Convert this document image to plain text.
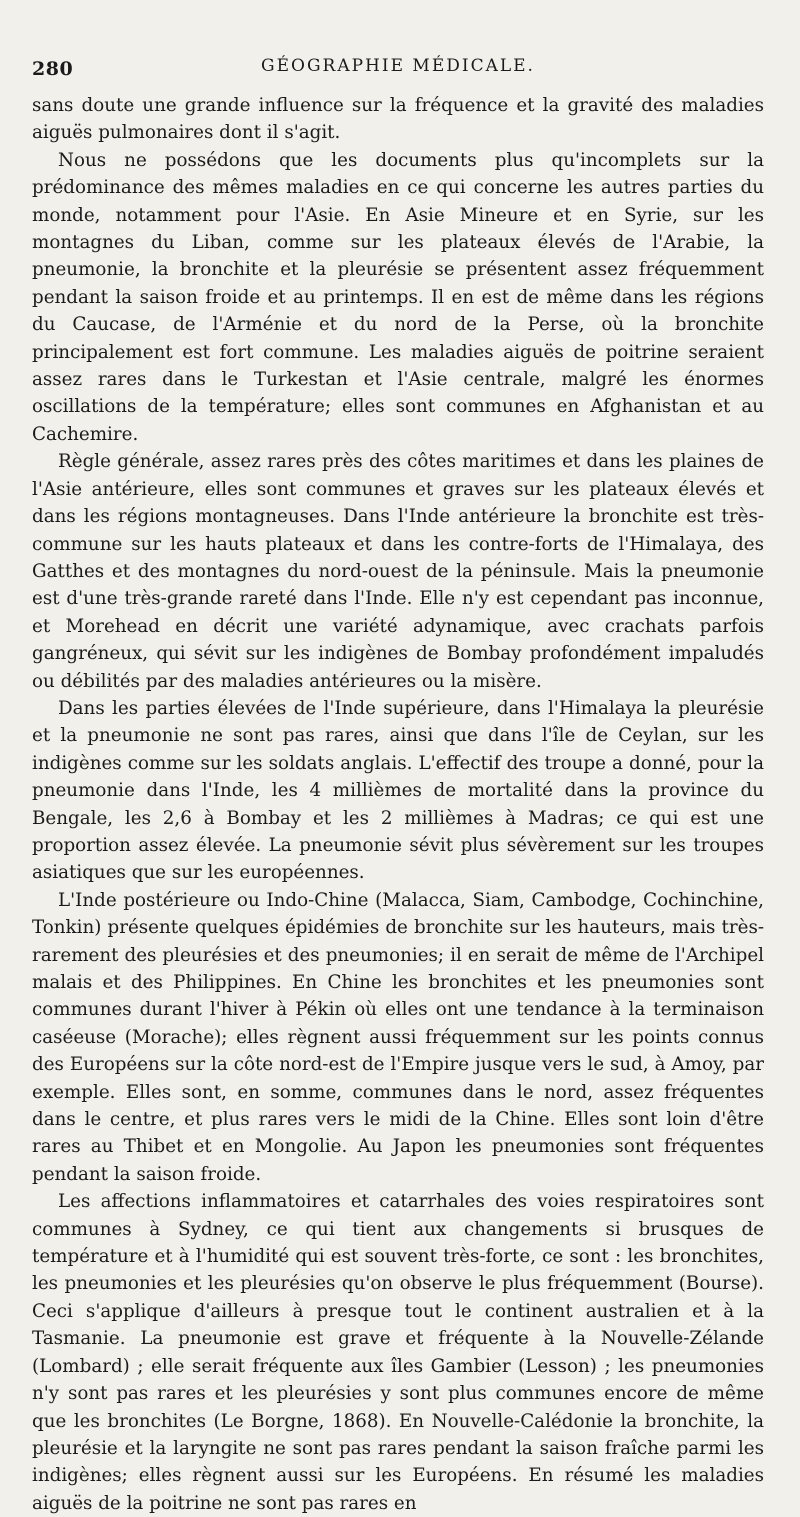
280	GÉOGRAPHIE MÉDICALE.

sans doute une grande influence sur la fréquence et la gravité des maladies aiguës pulmonaires dont il s'agit.

Nous ne possédons que les documents plus qu'incomplets sur la prédominance des mêmes maladies en ce qui concerne les autres parties du monde, notamment pour l'Asie. En Asie Mineure et en Syrie, sur les montagnes du Liban, comme sur les plateaux élevés de l'Arabie, la pneumonie, la bronchite et la pleurésie se présentent assez fréquemment pendant la saison froide et au printemps. Il en est de même dans les régions du Caucase, de l'Arménie et du nord de la Perse, où la bronchite principalement est fort commune. Les maladies aiguës de poitrine seraient assez rares dans le Turkestan et l'Asie centrale, malgré les énormes oscillations de la température; elles sont communes en Afghanistan et au Cachemire.

Règle générale, assez rares près des côtes maritimes et dans les plaines de l'Asie antérieure, elles sont communes et graves sur les plateaux élevés et dans les régions montagneuses. Dans l'Inde antérieure la bronchite est très-commune sur les hauts plateaux et dans les contre-forts de l'Himalaya, des Gatthes et des montagnes du nord-ouest de la péninsule. Mais la pneumonie est d'une très-grande rareté dans l'Inde. Elle n'y est cependant pas inconnue, et Morehead en décrit une variété adynamique, avec crachats parfois gangréneux, qui sévit sur les indigènes de Bombay profondément impaludés ou débilités par des maladies antérieures ou la misère.

Dans les parties élevées de l'Inde supérieure, dans l'Himalaya la pleurésie et la pneumonie ne sont pas rares, ainsi que dans l'île de Ceylan, sur les indigènes comme sur les soldats anglais. L'effectif des troupe a donné, pour la pneumonie dans l'Inde, les 4 millièmes de mortalité dans la province du Bengale, les 2,6 à Bombay et les 2 millièmes à Madras; ce qui est une proportion assez élevée. La pneumonie sévit plus sévèrement sur les troupes asiatiques que sur les européennes.

L'Inde postérieure ou Indo-Chine (Malacca, Siam, Cambodge, Cochinchine, Tonkin) présente quelques épidémies de bronchite sur les hauteurs, mais très-rarement des pleurésies et des pneumonies; il en serait de même de l'Archipel malais et des Philippines. En Chine les bronchites et les pneumonies sont communes durant l'hiver à Pékin où elles ont une tendance à la terminaison caséeuse (Morache); elles règnent aussi fréquemment sur les points connus des Européens sur la côte nord-est de l'Empire jusque vers le sud, à Amoy, par exemple. Elles sont, en somme, communes dans le nord, assez fréquentes dans le centre, et plus rares vers le midi de la Chine. Elles sont loin d'être rares au Thibet et en Mongolie. Au Japon les pneumonies sont fréquentes pendant la saison froide.

Les affections inflammatoires et catarrhales des voies respiratoires sont communes à Sydney, ce qui tient aux changements si brusques de température et à l'humidité qui est souvent très-forte, ce sont : les bronchites, les pneumonies et les pleurésies qu'on observe le plus fréquemment (Bourse). Ceci s'applique d'ailleurs à presque tout le continent australien et à la Tasmanie. La pneumonie est grave et fréquente à la Nouvelle-Zélande (Lombard) ; elle serait fréquente aux îles Gambier (Lesson) ; les pneumonies n'y sont pas rares et les pleurésies y sont plus communes encore de même que les bronchites (Le Borgne, 1868). En Nouvelle-Calédonie la bronchite, la pleurésie et la laryngite ne sont pas rares pendant la saison fraîche parmi les indigènes; elles règnent aussi sur les Européens. En résumé les maladies aiguës de la poitrine ne sont pas rares en
